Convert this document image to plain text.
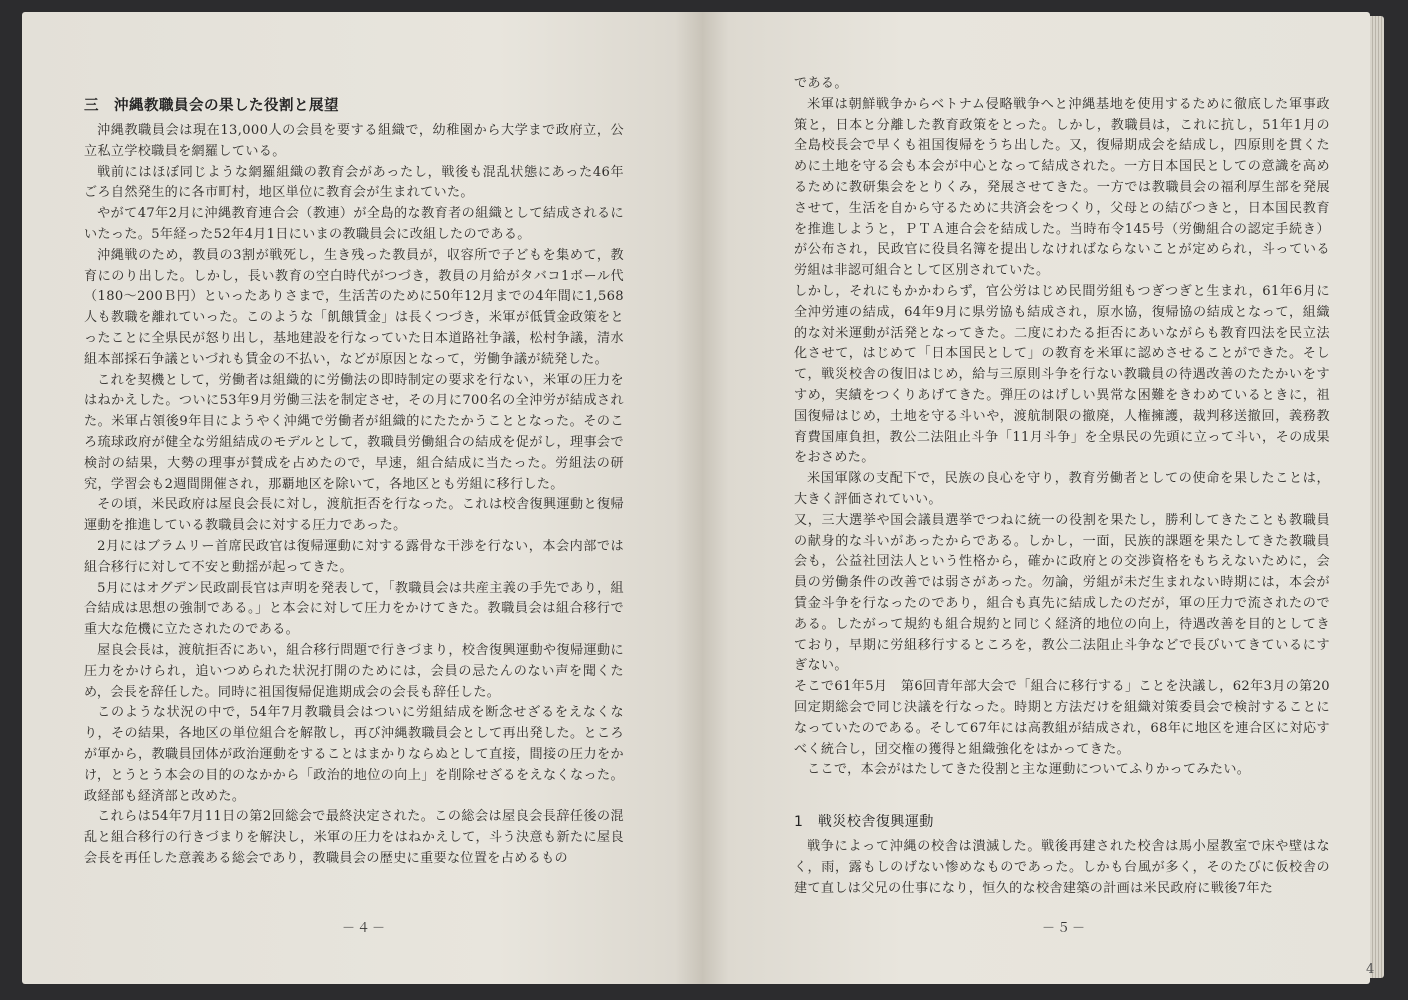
三　沖縄教職員会の果した役割と展望

沖縄教職員会は現在13,000人の会員を要する組織で，幼稚園から大学まで政府立，公立私立学校職員を網羅している。

戦前にはほぼ同じような網羅組織の教育会があったし，戦後も混乱状態にあった46年ごろ自然発生的に各市町村，地区単位に教育会が生まれていた。

やがて47年2月に沖縄教育連合会（教連）が全島的な教育者の組織として結成されるにいたった。5年経った52年4月1日にいまの教職員会に改組したのである。

沖縄戦のため，教員の3割が戦死し，生き残った教員が，収容所で子どもを集めて，教育にのり出した。しかし，長い教育の空白時代がつづき，教員の月給がタバコ1ボール代（180～200Ｂ円）といったありさまで，生活苦のために50年12月までの4年間に1,568人も教職を離れていった。このような「飢餓賃金」は長くつづき，米軍が低賃金政策をとったことに全県民が怒り出し，基地建設を行なっていた日本道路社争議，松村争議，清水組本部採石争議といづれも賃金の不払い，などが原因となって，労働争議が続発した。

これを契機として，労働者は組織的に労働法の即時制定の要求を行ない，米軍の圧力をはねかえした。ついに53年9月労働三法を制定させ，その月に700名の全沖労が結成された。米軍占領後9年目にようやく沖縄で労働者が組織的にたたかうこととなった。そのころ琉球政府が健全な労組結成のモデルとして，教職員労働組合の結成を促がし，理事会で検討の結果，大勢の理事が賛成を占めたので，早速，組合結成に当たった。労組法の研究，学習会も2週間開催され，那覇地区を除いて，各地区とも労組に移行した。

その頃，米民政府は屋良会長に対し，渡航拒否を行なった。これは校舎復興運動と復帰運動を推進している教職員会に対する圧力であった。

2月にはブラムリー首席民政官は復帰運動に対する露骨な干渉を行ない，本会内部では組合移行に対して不安と動揺が起ってきた。

5月にはオグデン民政副長官は声明を発表して，「教職員会は共産主義の手先であり，組合結成は思想の強制である。」と本会に対して圧力をかけてきた。教職員会は組合移行で重大な危機に立たされたのである。

屋良会長は，渡航拒否にあい，組合移行問題で行きづまり，校舎復興運動や復帰運動に圧力をかけられ，追いつめられた状況打開のためには，会員の忌たんのない声を聞くため，会長を辞任した。同時に祖国復帰促進期成会の会長も辞任した。

このような状況の中で，54年7月教職員会はついに労組結成を断念せざるをえなくなり，その結果，各地区の単位組合を解散し，再び沖縄教職員会として再出発した。ところが軍から，教職員団体が政治運動をすることはまかりならぬとして直接，間接の圧力をかけ，とうとう本会の目的のなかから「政治的地位の向上」を削除せざるをえなくなった。政経部も経済部と改めた。

これらは54年7月11日の第2回総会で最終決定された。この総会は屋良会長辞任後の混乱と組合移行の行きづまりを解決し，米軍の圧力をはねかえして，斗う決意も新たに屋良会長を再任した意義ある総会であり，教職員会の歴史に重要な位置を占めるもの

－４－

である。

米軍は朝鮮戦争からベトナム侵略戦争へと沖縄基地を使用するために徹底した軍事政策と，日本と分離した教育政策をとった。しかし，教職員は，これに抗し，51年1月の全島校長会で早くも祖国復帰をうち出した。又，復帰期成会を結成し，四原則を貫くために土地を守る会も本会が中心となって結成された。一方日本国民としての意識を高めるために教研集会をとりくみ，発展させてきた。一方では教職員会の福利厚生部を発展させて，生活を自から守るために共済会をつくり，父母との結びつきと，日本国民教育を推進しようと，ＰＴＡ連合会を結成した。当時布令145号（労働組合の認定手続き）が公布され，民政官に役員名簿を提出しなければならないことが定められ，斗っている労組は非認可組合として区別されていた。

しかし，それにもかかわらず，官公労はじめ民間労組もつぎつぎと生まれ，61年6月に全沖労連の結成，64年9月に県労協も結成され，原水協，復帰協の結成となって，組織的な対米運動が活発となってきた。二度にわたる拒否にあいながらも教育四法を民立法化させて，はじめて「日本国民として」の教育を米軍に認めさせることができた。そして，戦災校舎の復旧はじめ，給与三原則斗争を行ない教職員の待遇改善のたたかいをすすめ，実績をつくりあげてきた。弾圧のはげしい異常な困難をきわめているときに，祖国復帰はじめ，土地を守る斗いや，渡航制限の撤廃，人権擁護，裁判移送撤回，義務教育費国庫負担，教公二法阻止斗争「11月斗争」を全県民の先頭に立って斗い，その成果をおさめた。

米国軍隊の支配下で，民族の良心を守り，教育労働者としての使命を果したことは，大きく評価されていい。

又，三大選挙や国会議員選挙でつねに統一の役割を果たし，勝利してきたことも教職員の献身的な斗いがあったからである。しかし，一面，民族的課題を果たしてきた教職員会も，公益社団法人という性格から，確かに政府との交渉資格をもちえないために，会員の労働条件の改善では弱さがあった。勿論，労組が未だ生まれない時期には，本会が賃金斗争を行なったのであり，組合も真先に結成したのだが，軍の圧力で流されたのである。したがって規約も組合規約と同じく経済的地位の向上，待遇改善を目的としてきており，早期に労組移行するところを，教公二法阻止斗争などで長びいてきているにすぎない。

そこで61年5月　第6回青年部大会で「組合に移行する」ことを決議し，62年3月の第20回定期総会で同じ決議を行なった。時期と方法だけを組織対策委員会で検討することになっていたのである。そして67年には高教組が結成され，68年に地区を連合区に対応すべく統合し，団交権の獲得と組織強化をはかってきた。

ここで，本会がはたしてきた役割と主な運動についてふりかってみたい。

1　戦災校舎復興運動

戦争によって沖縄の校舎は潰滅した。戦後再建された校舎は馬小屋教室で床や壁はなく，雨，露もしのげない惨めなものであった。しかも台風が多く，そのたびに仮校舎の建て直しは父兄の仕事になり，恒久的な校舎建築の計画は米民政府に戦後7年た

－５－
4
